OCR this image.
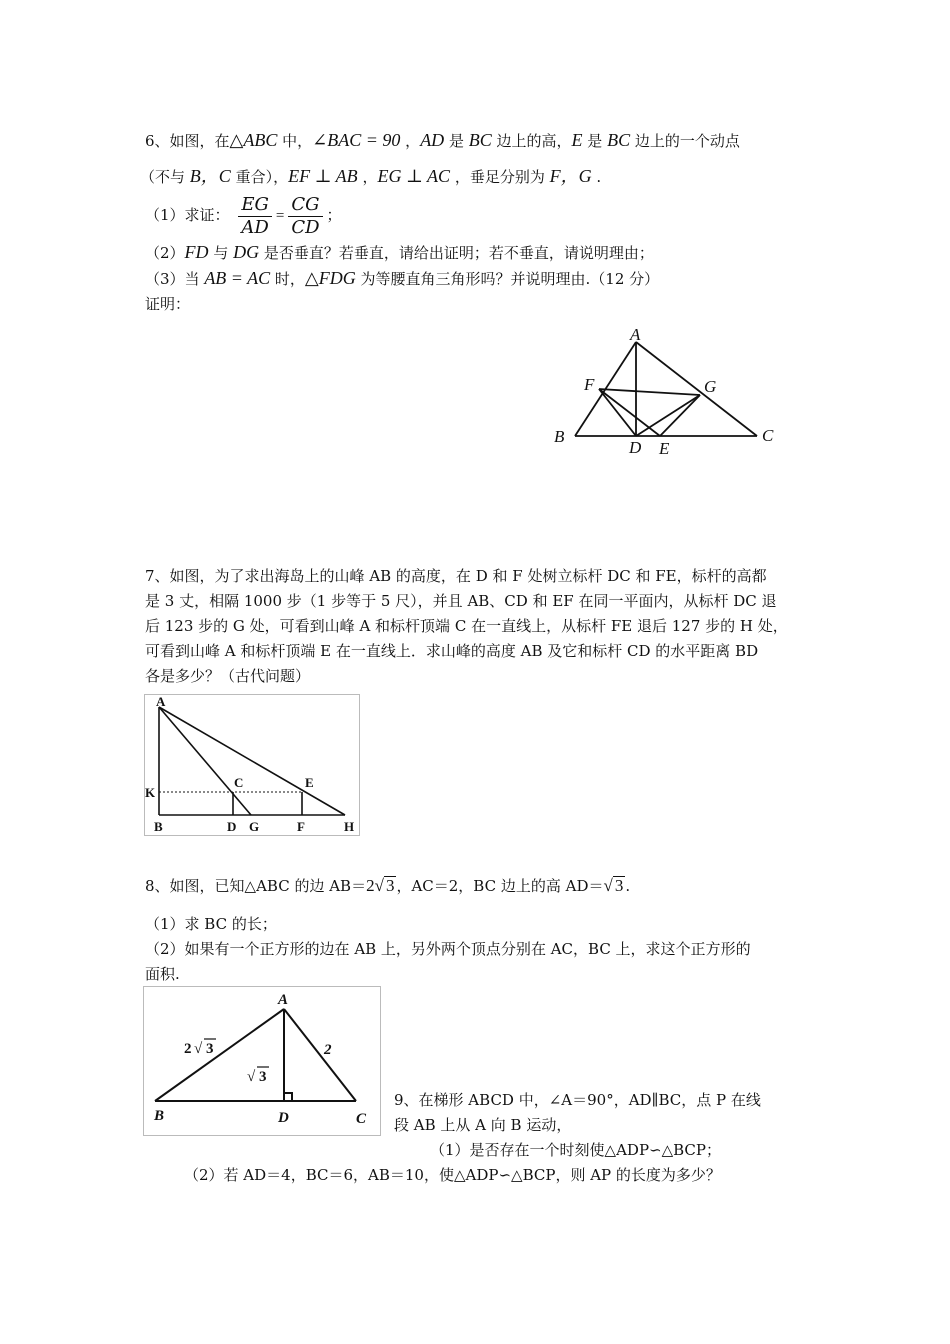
6、如图，在△ABC 中，∠BAC = 90 ，AD 是 BC 边上的高，E 是 BC 边上的一个动点
（不与 B，C 重合），EF ⊥ AB ，EG ⊥ AC ，垂足分别为 F，G .
（1）求证： $\frac{EG}{AD} = \frac{CG}{CD}$ ；
（2）FD 与 DG 是否垂直？若垂直，请给出证明；若不垂直，请说明理由；
（3）当 AB = AC 时，△FDG 为等腰直角三角形吗？并说明理由.（12 分）
证明：
A
F	G
B	C
D E
7、如图，为了求出海岛上的山峰 AB 的高度，在 D 和 F 处树立标杆 DC 和 FE，标杆的高都
是 3 丈，相隔 1000 步（1 步等于 5 尺），并且 AB、CD 和 EF 在同一平面内，从标杆 DC 退
后 123 步的 G 处，可看到山峰 A 和标杆顶端 C 在一直线上，从标杆 FE 退后 127 步的 H 处，
可看到山峰 A 和标杆顶端 E 在一直线上．求山峰的高度 AB 及它和标杆 CD 的水平距离 BD
各是多少？（古代问题）
A
K
C	E
B	D G	F	H
8、如图，已知△ABC 的边 AB＝2√ 3 ，AC＝2，BC 边上的高 AD＝√ 3 .
（1）求 BC 的长；
（2）如果有一个正方形的边在 AB 上，另外两个顶点分别在 AC，BC 上，求这个正方形的
面积.
A
B	D	C
2
2 √ 3
√ 3
9、在梯形 ABCD 中，∠A＝90°，AD∥BC，点 P 在线
段 AB 上从 A 向 B 运动，
（1）是否存在一个时刻使△ADP∽△BCP；
（2）若 AD＝4，BC＝6，AB＝10，使△ADP∽△BCP，则 AP 的长度为多少？
